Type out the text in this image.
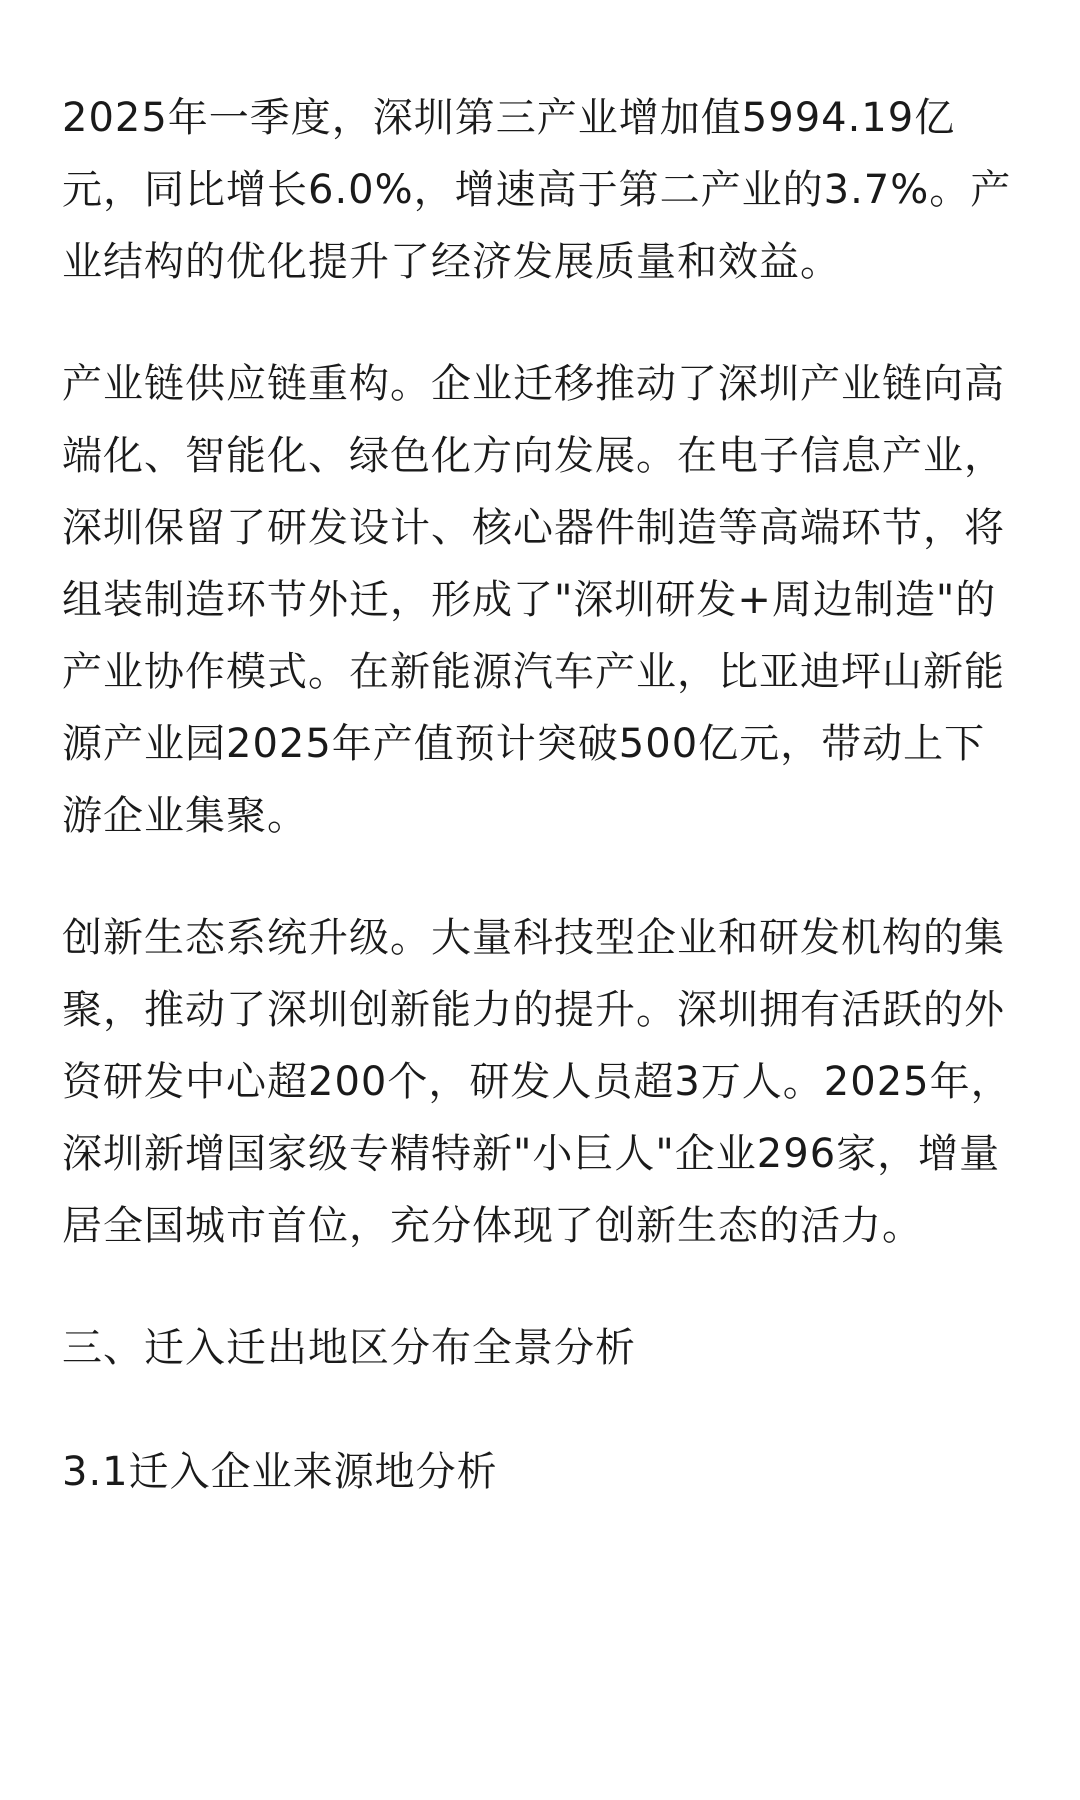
2025年一季度，深圳第三产业增加值5994.19亿元，同比增长6.0%，增速高于第二产业的3.7%。产业结构的优化提升了经济发展质量和效益。

产业链供应链重构。企业迁移推动了深圳产业链向高端化、智能化、绿色化方向发展。在电子信息产业，深圳保留了研发设计、核心器件制造等高端环节，将组装制造环节外迁，形成了"深圳研发+周边制造"的产业协作模式。在新能源汽车产业，比亚迪坪山新能源产业园2025年产值预计突破500亿元，带动上下游企业集聚。

创新生态系统升级。大量科技型企业和研发机构的集聚，推动了深圳创新能力的提升。深圳拥有活跃的外资研发中心超200个，研发人员超3万人。2025年，深圳新增国家级专精特新"小巨人"企业296家，增量居全国城市首位，充分体现了创新生态的活力。

三、迁入迁出地区分布全景分析
3.1迁入企业来源地分析
